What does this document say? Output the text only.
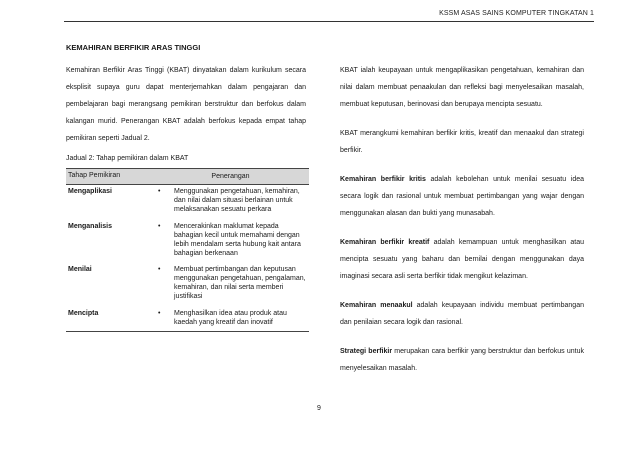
KSSM ASAS SAINS KOMPUTER TINGKATAN 1
KEMAHIRAN BERFIKIR ARAS TINGGI

Kemahiran Berfikir Aras Tinggi (KBAT) dinyatakan dalam kurikulum secara eksplisit supaya guru dapat menterjemahkan dalam pengajaran dan pembelajaran bagi merangsang pemikiran berstruktur dan berfokus dalam kalangan murid. Penerangan KBAT adalah berfokus kepada empat tahap pemikiran seperti Jadual 2.

Jadual 2: Tahap pemikiran dalam KBAT
Tahap Pemikiran	Penerangan
Mengaplikasi	• Menggunakan pengetahuan, kemahiran, dan nilai dalam situasi berlainan untuk melaksanakan sesuatu perkara

Menganalisis	• Mencerakinkan maklumat kepada bahagian kecil untuk memahami dengan lebih mendalam serta hubung kait antara bahagian berkenaan

Menilai	• Membuat pertimbangan dan keputusan menggunakan pengetahuan, pengalaman, kemahiran, dan nilai serta memberi justifikasi

Mencipta	• Menghasilkan idea atau produk atau kaedah yang kreatif dan inovatif

KBAT ialah keupayaan untuk mengaplikasikan pengetahuan, kemahiran dan nilai dalam membuat penaakulan dan refleksi bagi menyelesaikan masalah, membuat keputusan, berinovasi dan berupaya mencipta sesuatu.

KBAT merangkumi kemahiran berfikir kritis, kreatif dan menaakul dan strategi berfikir.

Kemahiran berfikir kritis adalah kebolehan untuk menilai sesuatu idea secara logik dan rasional untuk membuat pertimbangan yang wajar dengan menggunakan alasan dan bukti yang munasabah.

Kemahiran berfikir kreatif adalah kemampuan untuk menghasilkan atau mencipta sesuatu yang baharu dan bernilai dengan menggunakan daya imaginasi secara asli serta berfikir tidak mengikut kelaziman.

Kemahiran menaakul adalah keupayaan individu membuat pertimbangan dan penilaian secara logik dan rasional.

Strategi berfikir merupakan cara berfikir yang berstruktur dan berfokus untuk menyelesaikan masalah.

9
